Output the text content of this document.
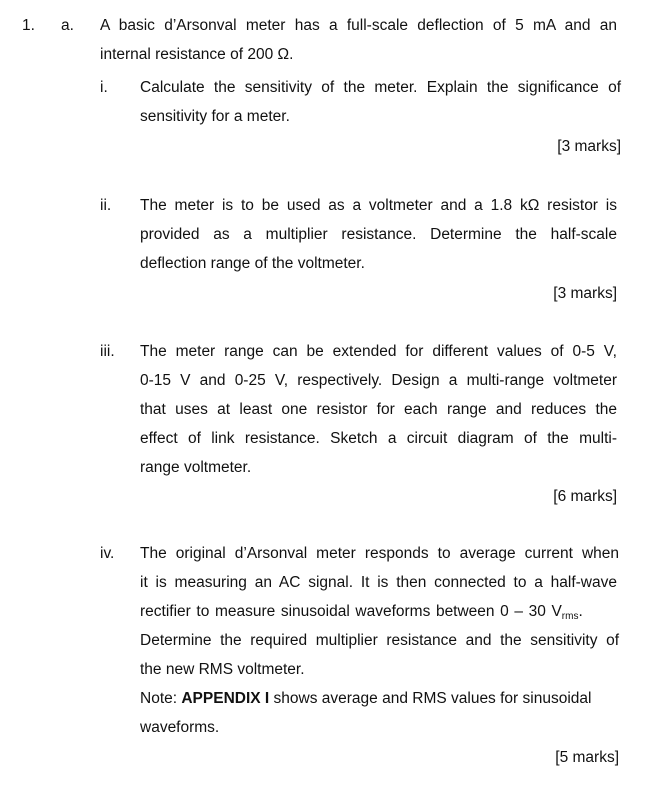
1. a. A basic d’Arsonval meter has a full-scale deflection of 5 mA and an
internal resistance of 200 Ω.
i. Calculate the sensitivity of the meter. Explain the significance of
sensitivity for a meter.
[3 marks]
ii. The meter is to be used as a voltmeter and a 1.8 kΩ resistor is
provided as a multiplier resistance. Determine the half-scale
deflection range of the voltmeter.
[3 marks]
iii. The meter range can be extended for different values of 0-5 V,
0-15 V and 0-25 V, respectively. Design a multi-range voltmeter
that uses at least one resistor for each range and reduces the
effect of link resistance. Sketch a circuit diagram of the multi-
range voltmeter.
[6 marks]
iv. The original d’Arsonval meter responds to average current when
it is measuring an AC signal. It is then connected to a half-wave
rectifier to measure sinusoidal waveforms between 0 – 30 $V_{rms}$.
Determine the required multiplier resistance and the sensitivity of
the new RMS voltmeter.
Note: APPENDIX I shows average and RMS values for sinusoidal
waveforms.
[5 marks]
